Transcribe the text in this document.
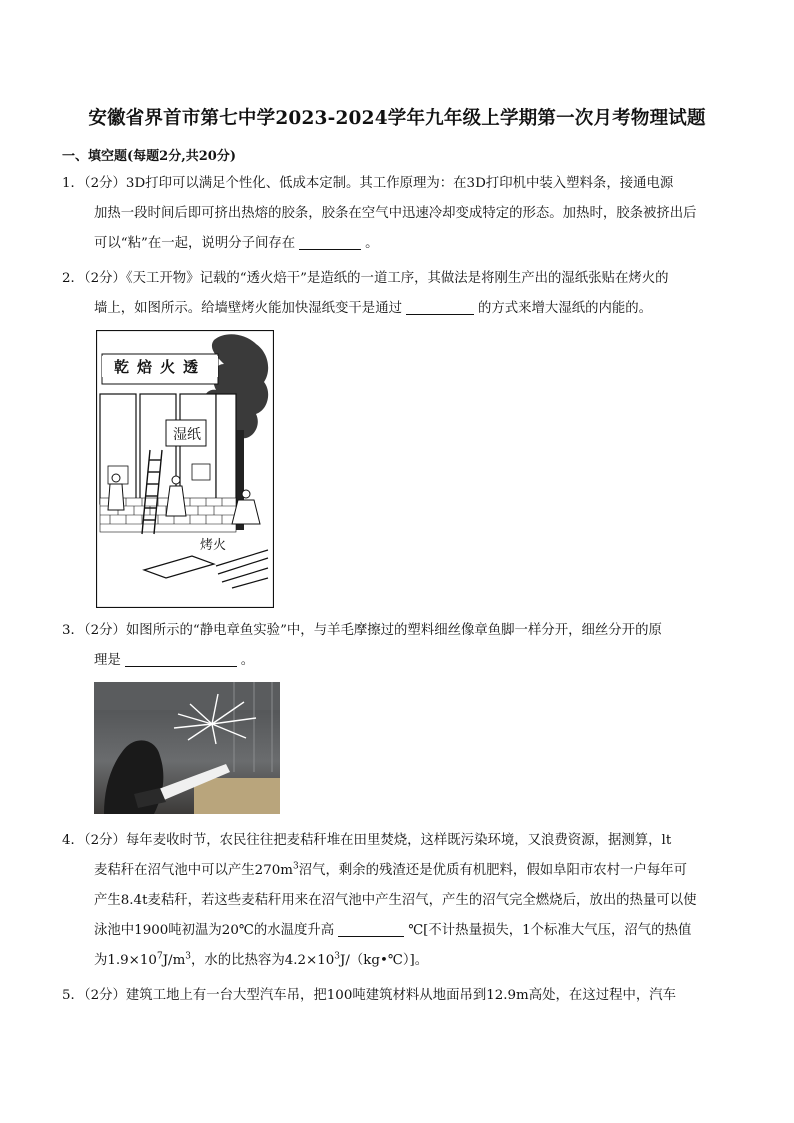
安徽省界首市第七中学2023-2024学年九年级上学期第一次月考物理试题
一、填空题(每题2分,共20分)
1．（2分）3D打印可以满足个性化、低成本定制。其工作原理为：在3D打印机中装入塑料条，接通电源
加热一段时间后即可挤出热熔的胶条，胶条在空气中迅速冷却变成特定的形态。加热时，胶条被挤出后
可以“粘”在一起，说明分子间存在	。
2．（2分）《天工开物》记载的“透火焙干”是造纸的一道工序，其做法是将刚生产出的湿纸张贴在烤火的
墙上，如图所示。给墙壁烤火能加快湿纸变干是通过	的方式来增大湿纸的内能的。
乾焙火透
湿纸
烤火
3．（2分）如图所示的“静电章鱼实验”中，与羊毛摩擦过的塑料细丝像章鱼脚一样分开，细丝分开的原
理是	。
4．（2分）每年麦收时节，农民往往把麦秸秆堆在田里焚烧，这样既污染环境，又浪费资源，据测算，lt
麦秸秆在沼气池中可以产生$270m^3$沼气，剩余的残渣还是优质有机肥料，假如阜阳市农村一户每年可
产生8.4t麦秸秆，若这些麦秸秆用来在沼气池中产生沼气，产生的沼气完全燃烧后，放出的热量可以使
泳池中1900吨初温为20℃的水温度升高	℃[不计热量损失，1个标准大气压，沼气的热值
为$1.9\times 10^7J/m^3$，水的比热容为$4.2\times 10^3J/(kg•℃)$]。
5．（2分）建筑工地上有一台大型汽车吊，把100吨建筑材料从地面吊到12.9m高处，在这过程中，汽车
